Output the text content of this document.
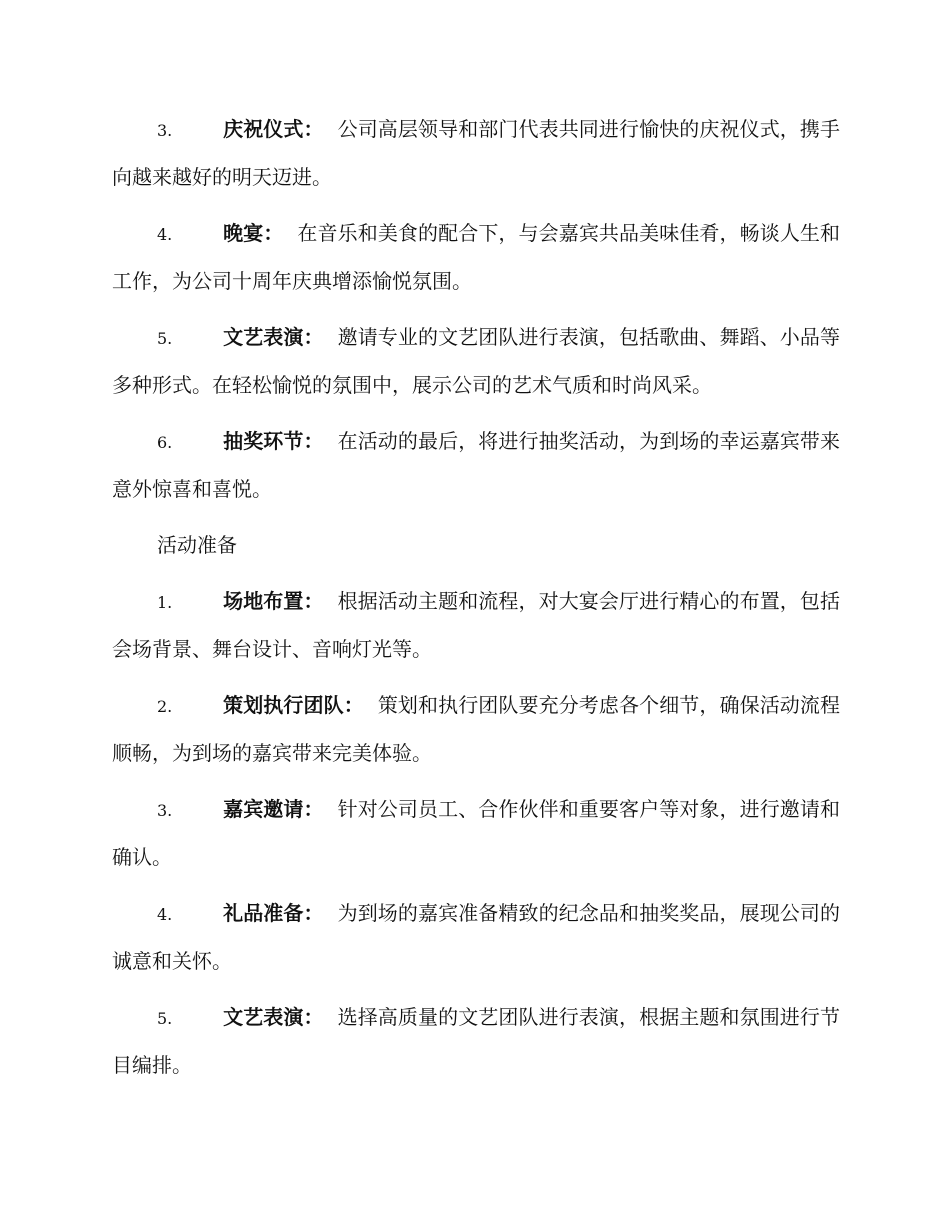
3.	庆祝仪式： 公司高层领导和部门代表共同进行愉快的庆祝仪式，携手向越来越好的明天迈进。

4.	晚宴： 在音乐和美食的配合下，与会嘉宾共品美味佳肴，畅谈人生和工作，为公司十周年庆典增添愉悦氛围。

5.	文艺表演： 邀请专业的文艺团队进行表演，包括歌曲、舞蹈、小品等多种形式。在轻松愉悦的氛围中，展示公司的艺术气质和时尚风采。

6.	抽奖环节： 在活动的最后，将进行抽奖活动，为到场的幸运嘉宾带来意外惊喜和喜悦。

活动准备

1.	场地布置： 根据活动主题和流程，对大宴会厅进行精心的布置，包括会场背景、舞台设计、音响灯光等。

2.	策划执行团队： 策划和执行团队要充分考虑各个细节，确保活动流程顺畅，为到场的嘉宾带来完美体验。

3.	嘉宾邀请： 针对公司员工、合作伙伴和重要客户等对象，进行邀请和确认。

4.	礼品准备： 为到场的嘉宾准备精致的纪念品和抽奖奖品，展现公司的诚意和关怀。

5.	文艺表演： 选择高质量的文艺团队进行表演，根据主题和氛围进行节目编排。
